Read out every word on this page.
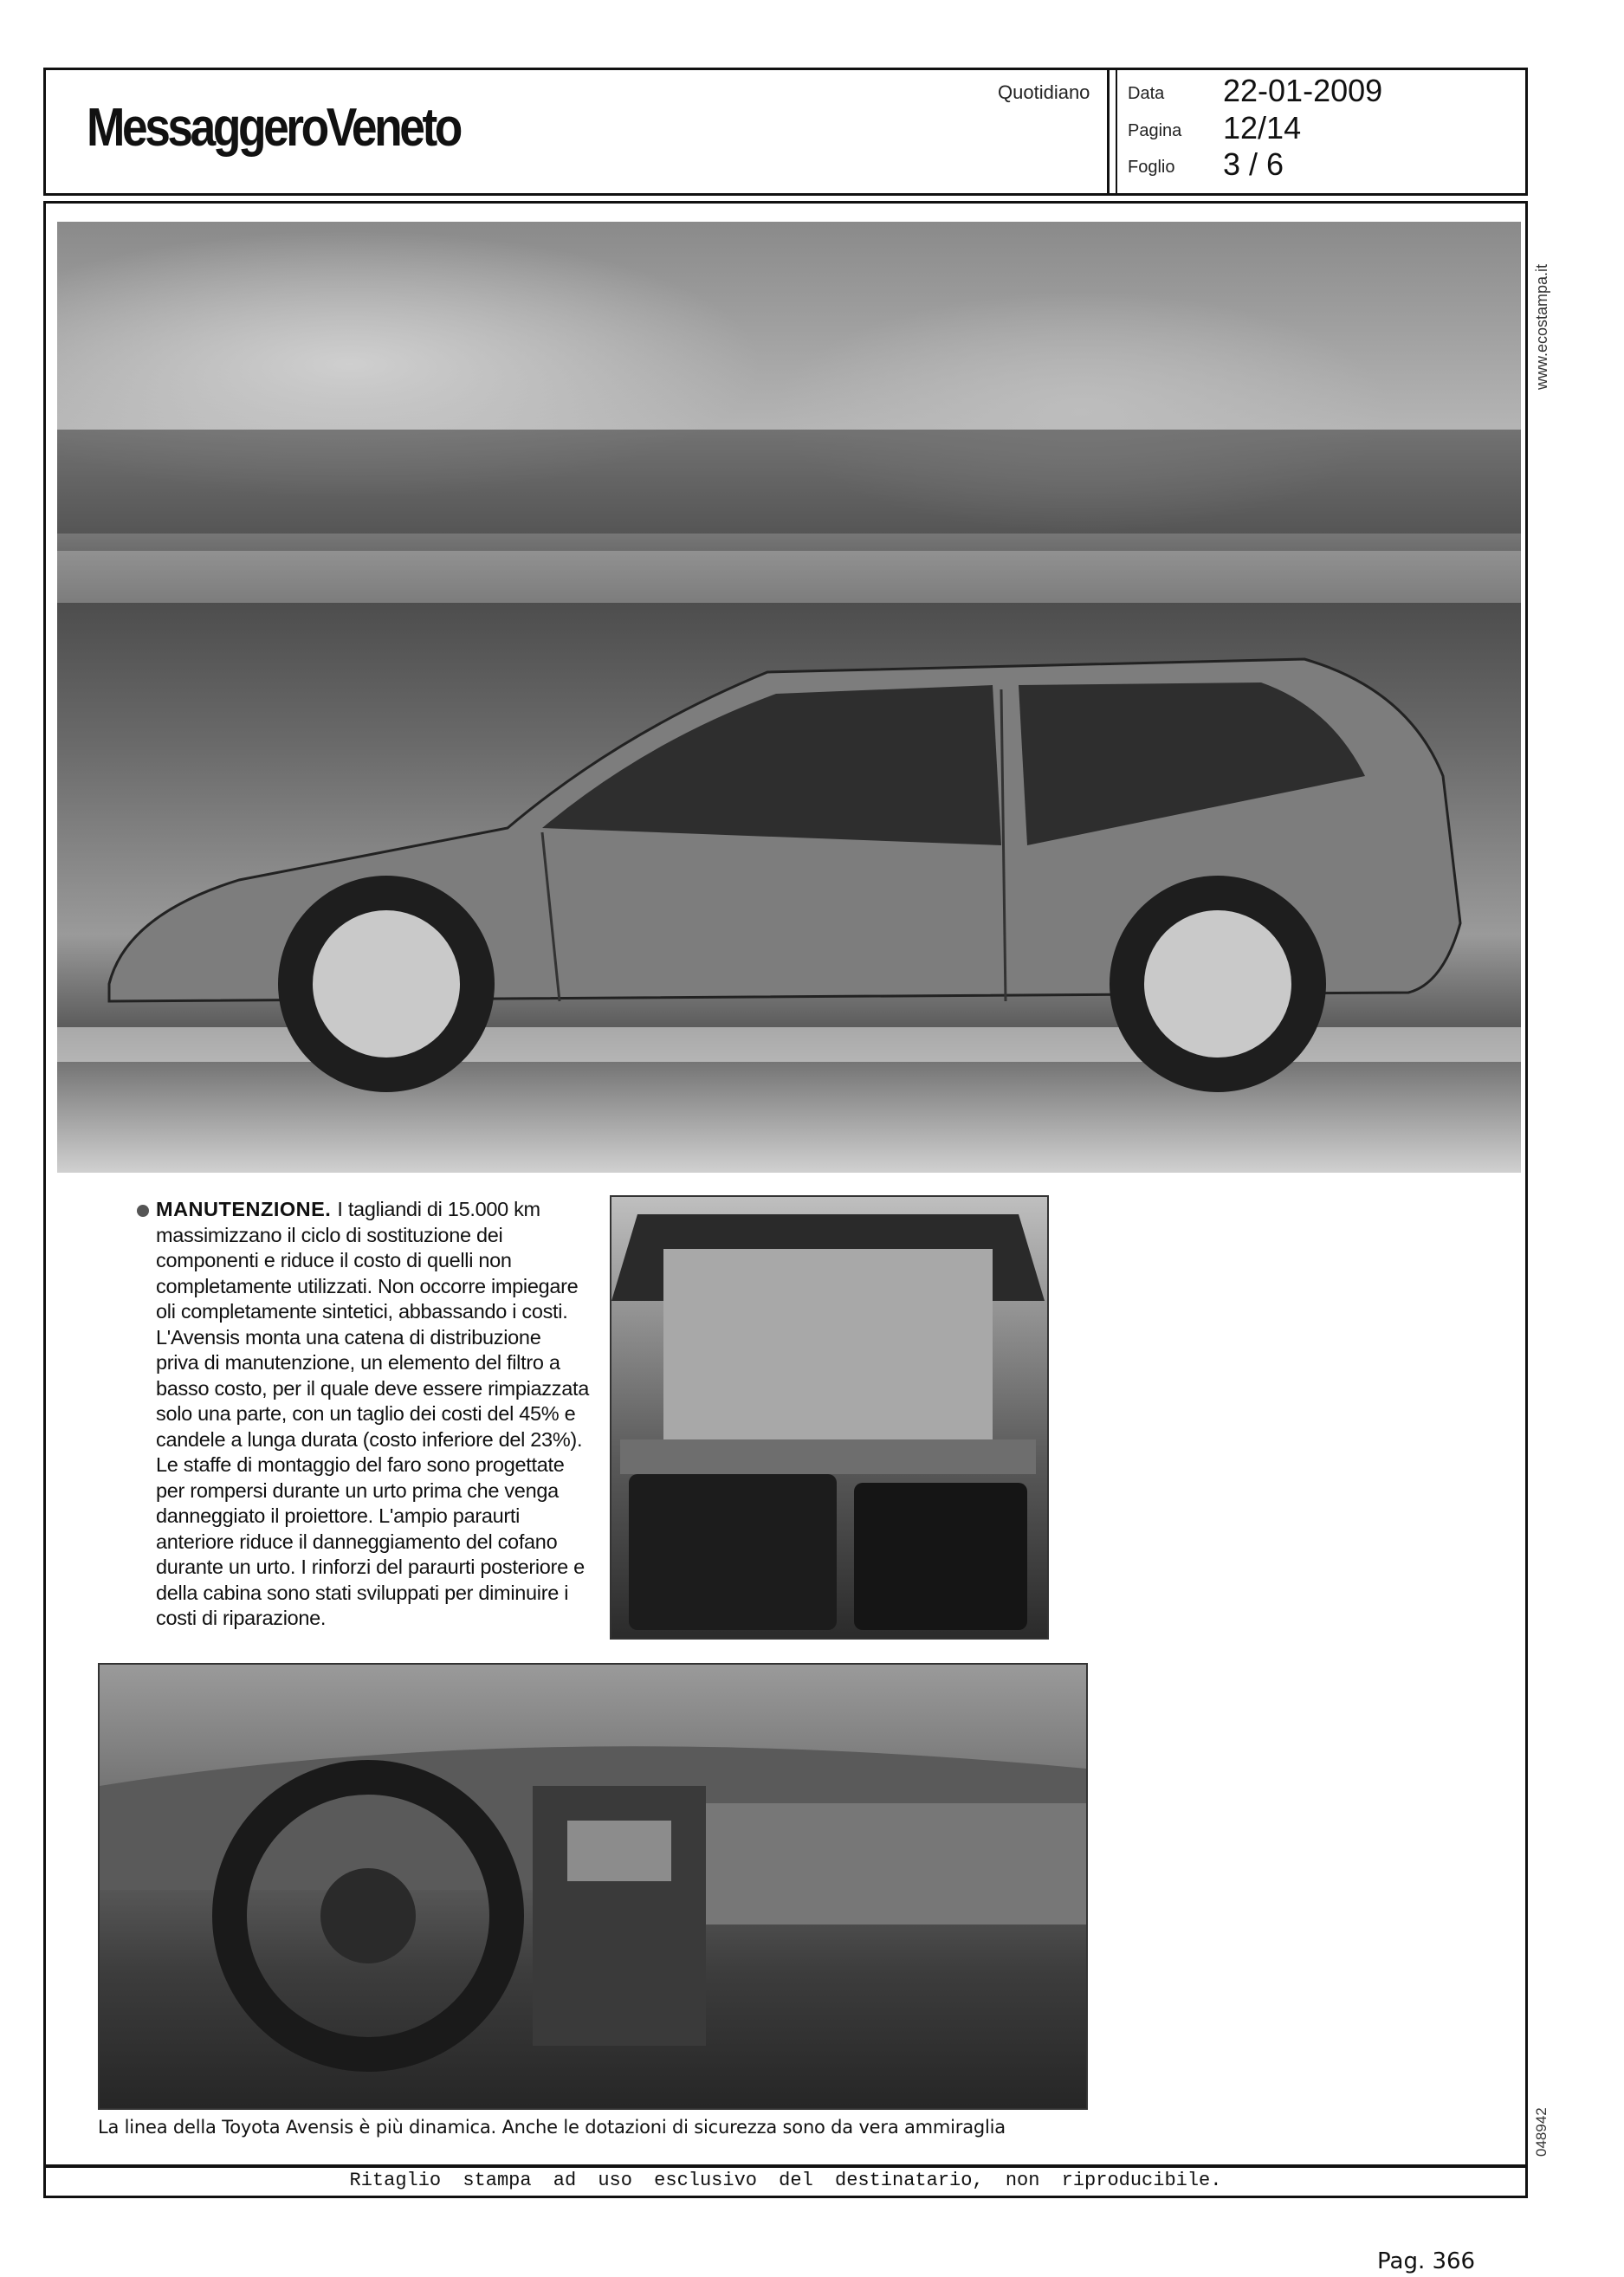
MessaggeroVeneto
Quotidiano Data 22-01-2009
Pagina 12/14
Foglio 3 / 6
www.ecostampa.it
048942
MANUTENZIONE. I tagliandi di 15.000 km massimizzano il ciclo di sostituzione dei componenti e riduce il costo di quelli non completamente utilizzati. Non occorre impiegare oli completamente sintetici, abbassando i costi. L'Avensis monta una catena di distribuzione priva di manutenzione, un elemento del filtro a basso costo, per il quale deve essere rimpiazzata solo una parte, con un taglio dei costi del 45% e candele a lunga durata (costo inferiore del 23%). Le staffe di montaggio del faro sono progettate per rompersi durante un urto prima che venga danneggiato il proiettore. L'ampio paraurti anteriore riduce il danneggiamento del cofano durante un urto. I rinforzi del paraurti posteriore e della cabina sono stati sviluppati per diminuire i costi di riparazione.
La linea della Toyota Avensis è più dinamica. Anche le dotazioni di sicurezza sono da vera ammiraglia
Ritaglio stampa ad uso esclusivo del destinatario, non riproducibile.
Pag. 366
